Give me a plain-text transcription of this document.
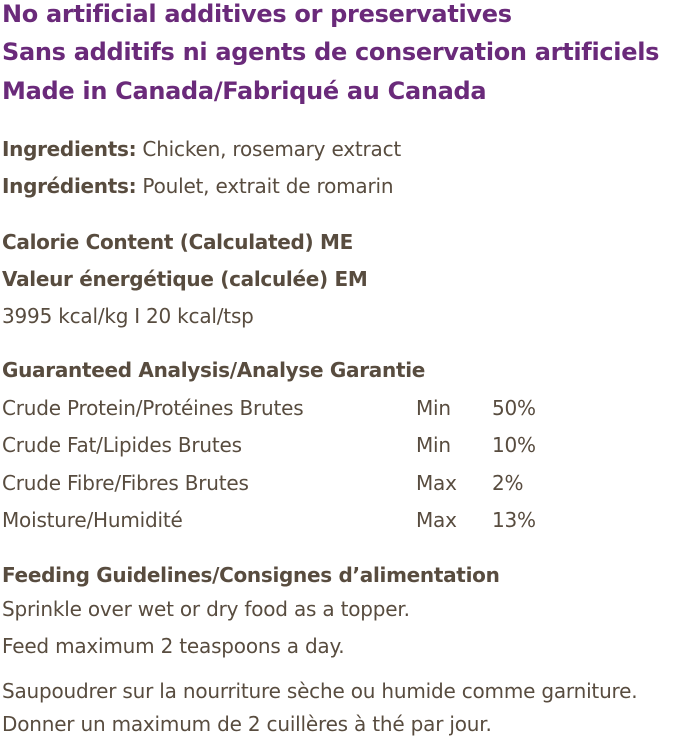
No artificial additives or preservatives
Sans additifs ni agents de conservation artificiels
Made in Canada/Fabriqué au Canada
Ingredients: Chicken, rosemary extract
Ingrédients: Poulet, extrait de romarin
Calorie Content (Calculated) ME
Valeur énergétique (calculée) EM
3995 kcal/kg I 20 kcal/tsp
Guaranteed Analysis/Analyse Garantie
Crude Protein/Protéines Brutes	Min 50%
Crude Fat/Lipides Brutes	Min 10%
Crude Fibre/Fibres Brutes	Max 2%
Moisture/Humidité	Max 13%
Feeding Guidelines/Consignes d’alimentation
Sprinkle over wet or dry food as a topper.
Feed maximum 2 teaspoons a day.
Saupoudrer sur la nourriture sèche ou humide comme garniture.
Donner un maximum de 2 cuillères à thé par jour.
